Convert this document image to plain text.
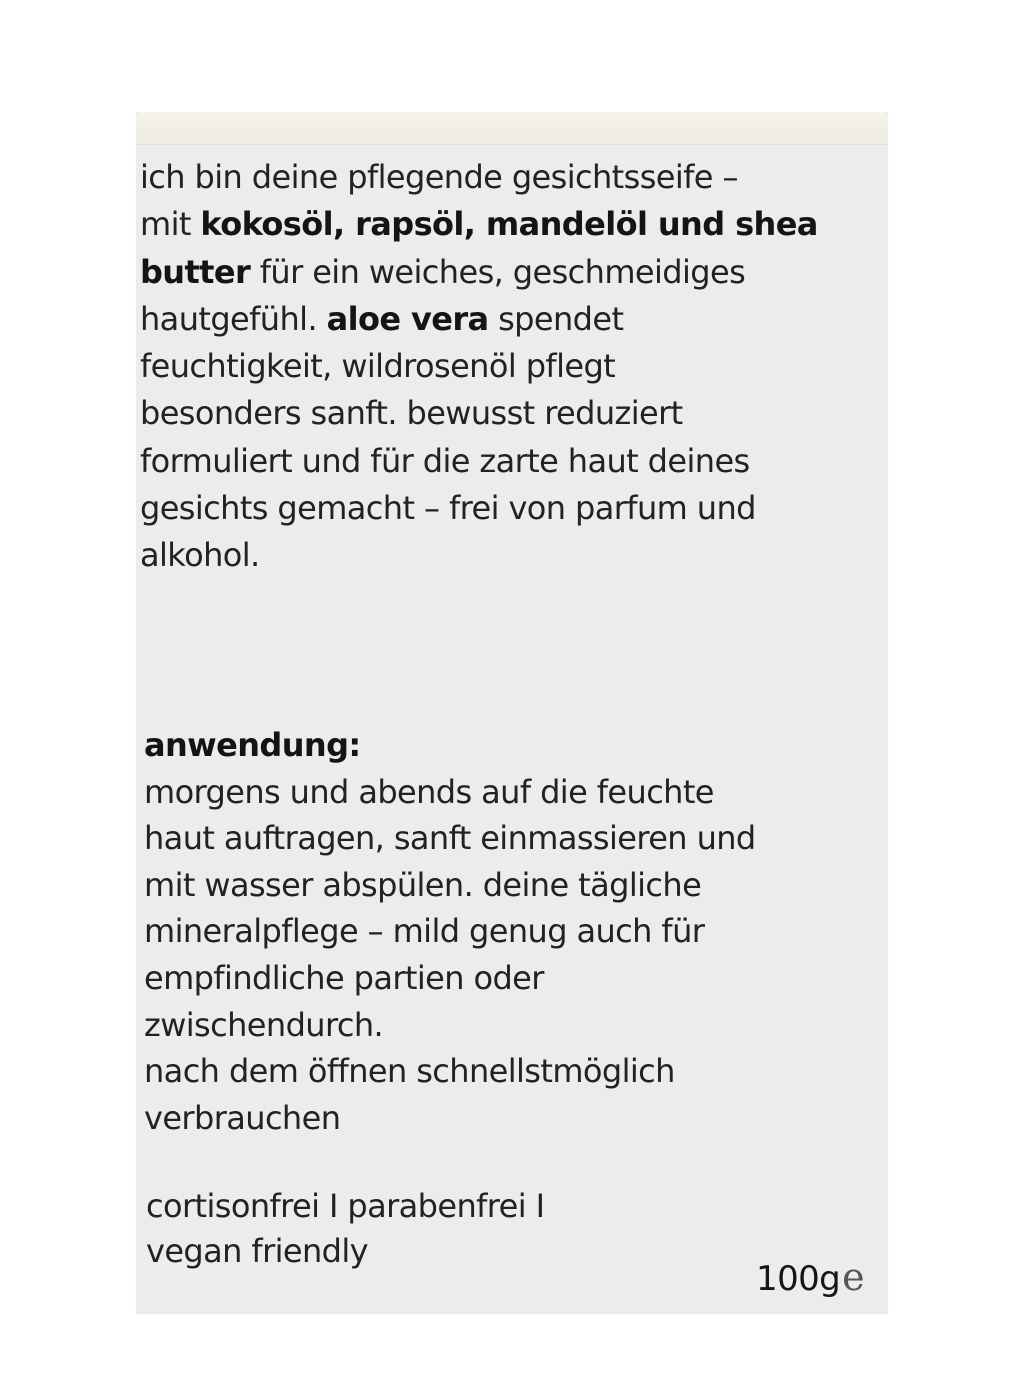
ich bin deine pflegende gesichtsseife –
mit kokosöl, rapsöl, mandelöl und shea
butter für ein weiches, geschmeidiges
hautgefühl. aloe vera spendet
feuchtigkeit, wildrosenöl pflegt
besonders sanft. bewusst reduziert
formuliert und für die zarte haut deines
gesichts gemacht – frei von parfum und
alkohol.
anwendung:
morgens und abends auf die feuchte
haut auftragen, sanft einmassieren und
mit wasser abspülen. deine tägliche
mineralpflege – mild genug auch für
empfindliche partien oder
zwischendurch.
nach dem öffnen schnellstmöglich
verbrauchen
cortisonfrei I parabenfrei I
vegan friendly
100g e
